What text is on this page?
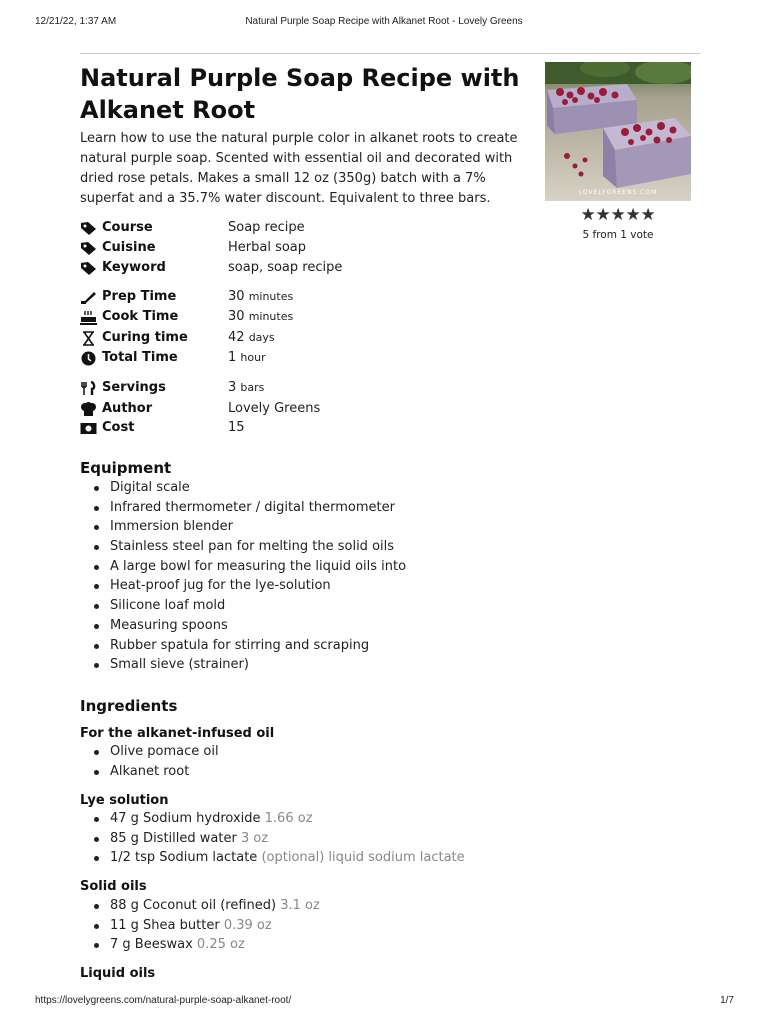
12/21/22, 1:37 AM	Natural Purple Soap Recipe with Alkanet Root - Lovely Greens
Natural Purple Soap Recipe with Alkanet Root

Learn how to use the natural purple color in alkanet roots to create natural purple soap. Scented with essential oil and decorated with dried rose petals. Makes a small 12 oz (350g) batch with a 7% superfat and a 35.7% water discount. Equivalent to three bars.	LOVELYGREENS.COM
★★★★★
5 from 1 vote
Course	Soap recipe
Cuisine	Herbal soap
Keyword	soap, soap recipe
Prep Time	30 minutes
Cook Time	30 minutes
Curing time	42 days
Total Time	1 hour
Servings	3 bars
Author	Lovely Greens
Cost	15
Equipment
Digital scale
Infrared thermometer / digital thermometer
Immersion blender
Stainless steel pan for melting the solid oils
A large bowl for measuring the liquid oils into
Heat-proof jug for the lye-solution
Silicone loaf mold
Measuring spoons
Rubber spatula for stirring and scraping
Small sieve (strainer)
Ingredients
For the alkanet-infused oil
Olive pomace oil
Alkanet root
Lye solution
47 g Sodium hydroxide 1.66 oz
85 g Distilled water 3 oz
1/2 tsp Sodium lactate (optional) liquid sodium lactate
Solid oils
88 g Coconut oil (refined) 3.1 oz
11 g Shea butter 0.39 oz
7 g Beeswax 0.25 oz
Liquid oils
https://lovelygreens.com/natural-purple-soap-alkanet-root/	1/7
